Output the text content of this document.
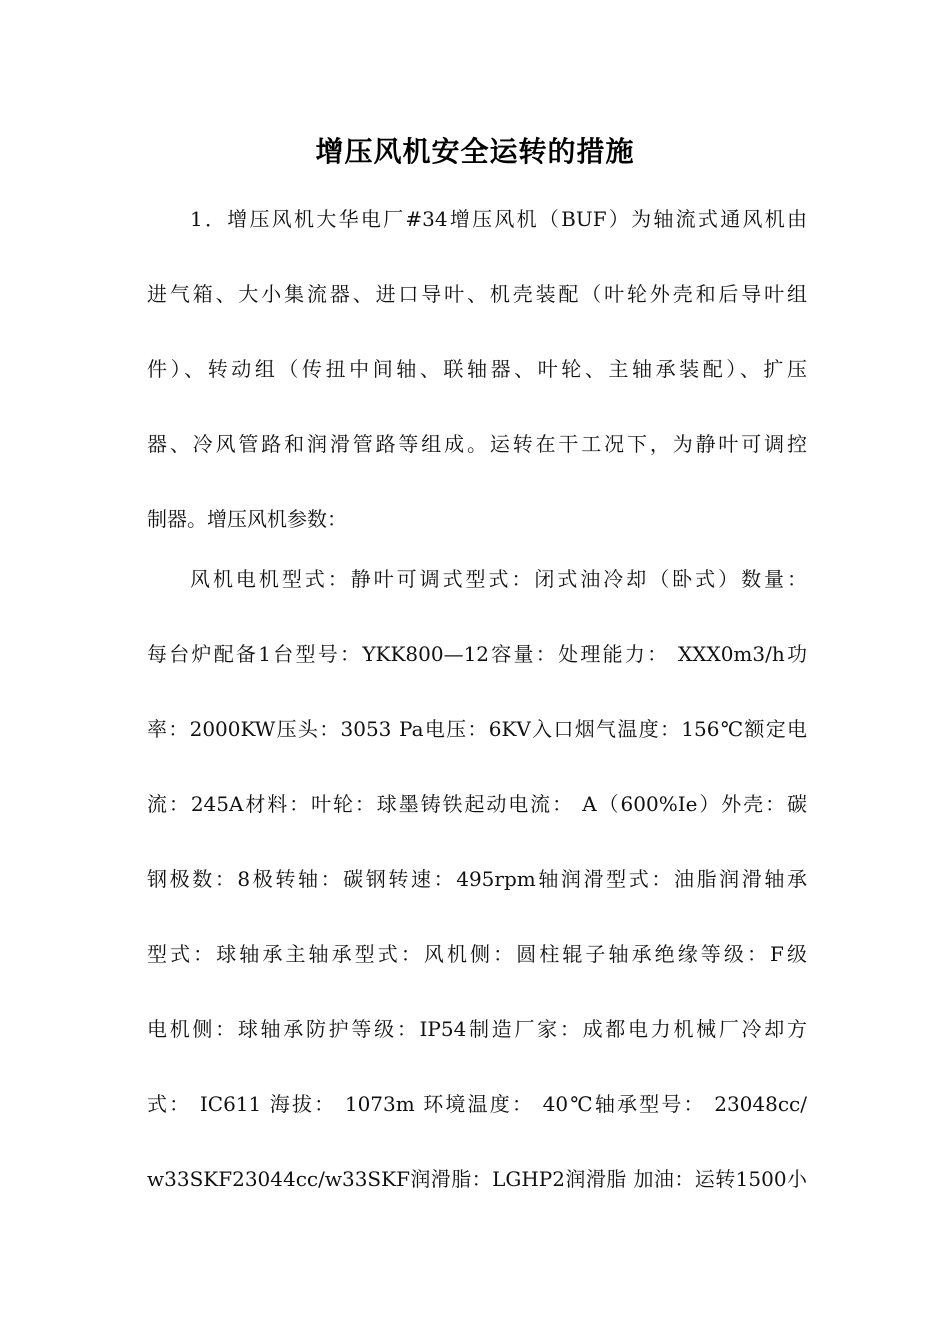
增压风机安全运转的措施
1．增压风机大华电厂#34增压风机（BUF）为轴流式通风机由
进气箱、大小集流器、进口导叶、机壳装配（叶轮外壳和后导叶组
件）、转动组（传扭中间轴、联轴器、叶轮、主轴承装配）、扩压
器、冷风管路和润滑管路等组成。运转在干工况下，为静叶可调控
制器。增压风机参数：
风机电机型式：静叶可调式型式：闭式油冷却（卧式）数量：
每台炉配备1台型号：YKK800—12容量：处理能力： XXX0m3/h功
率：2000KW压头：3053 Pa电压：6KV入口烟气温度：156℃额定电
流：245A材料：叶轮：球墨铸铁起动电流： A（600%Ie）外壳：碳
钢极数：8极转轴：碳钢转速：495rpm轴润滑型式：油脂润滑轴承
型式：球轴承主轴承型式：风机侧：圆柱辊子轴承绝缘等级：F级
电机侧：球轴承防护等级：IP54制造厂家：成都电力机械厂冷却方
式： IC611 海拔： 1073m 环境温度： 40℃轴承型号： 23048cc/
w33SKF23044cc/w33SKF润滑脂：LGHP2润滑脂 加油：运转1500小
